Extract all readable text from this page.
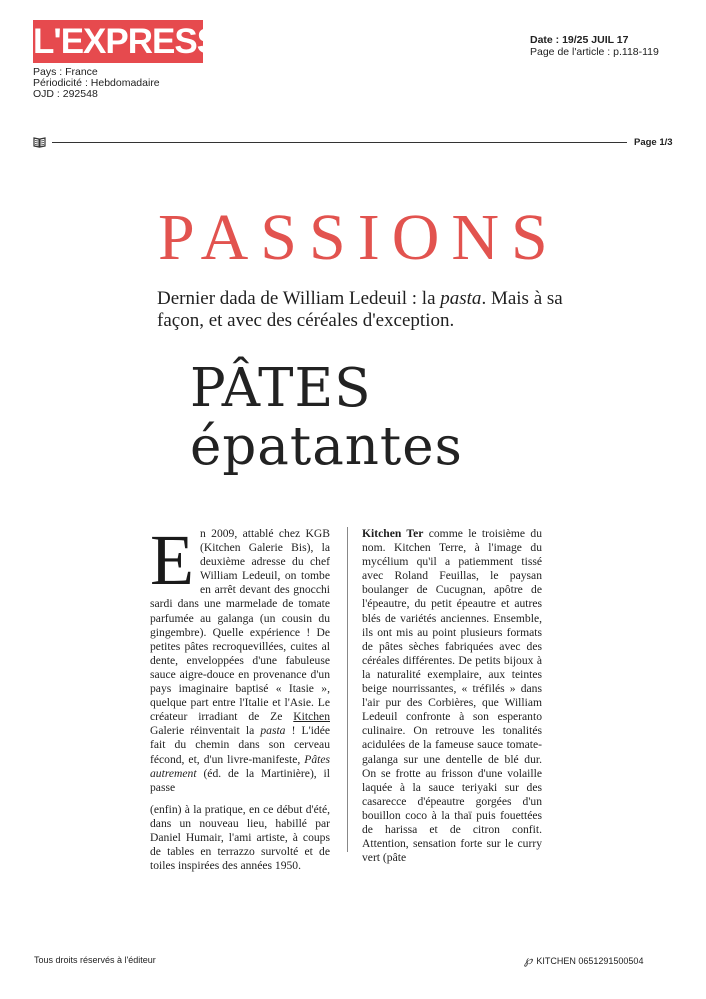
L'EXPRESS
Pays : France
Périodicité : Hebdomadaire
OJD : 292548
Date : 19/25 JUIL 17
Page de l'article : p.118-119
Page 1/3
PASSIONS
Dernier dada de William Ledeuil : la pasta. Mais à sa façon, et avec des céréales d'exception.
PÂTES
épatantes

En 2009, attablé chez KGB (Kitchen Galerie Bis), la deuxième adresse du chef William Ledeuil, on tombe en arrêt devant des gnocchi sardi dans une marmelade de tomate parfumée au galanga (un cousin du gingembre). Quelle expérience ! De petites pâtes recroquevillées, cuites al dente, enveloppées d'une fabuleuse sauce aigre-douce en provenance d'un pays imaginaire baptisé « Itasie », quelque part entre l'Italie et l'Asie. Le créateur irradiant de Ze Kitchen Galerie réinventait la pasta ! L'idée fait du chemin dans son cerveau fécond, et, d'un livre-manifeste, Pâtes autrement (éd. de la Martinière), il passe

(enfin) à la pratique, en ce début d'été, dans un nouveau lieu, habillé par Daniel Humair, l'ami artiste, à coups de tables en terrazzo survolté et de toiles inspirées des années 1950.

Kitchen Ter comme le troisième du nom. Kitchen Terre, à l'image du mycélium qu'il a patiemment tissé avec Roland Feuillas, le paysan boulanger de Cucugnan, apôtre de l'épeautre, du petit épeautre et autres blés de variétés anciennes. Ensemble, ils ont mis au point plusieurs formats de pâtes sèches fabriquées avec des céréales différentes. De petits bijoux à la naturalité exemplaire, aux teintes beige nourrissantes, « tréfilés » dans l'air pur des Corbières, que William Ledeuil confronte à son esperanto culinaire. On retrouve les tonalités acidulées de la fameuse sauce tomate-galanga sur une dentelle de blé dur. On se frotte au frisson d'une volaille laquée à la sauce teriyaki sur des casarecce d'épeautre gorgées d'un bouillon coco à la thaï puis fouettées de harissa et de citron confit. Attention, sensation forte sur le curry vert (pâte

Tous droits réservés à l'éditeur	℘ KITCHEN 0651291500504
